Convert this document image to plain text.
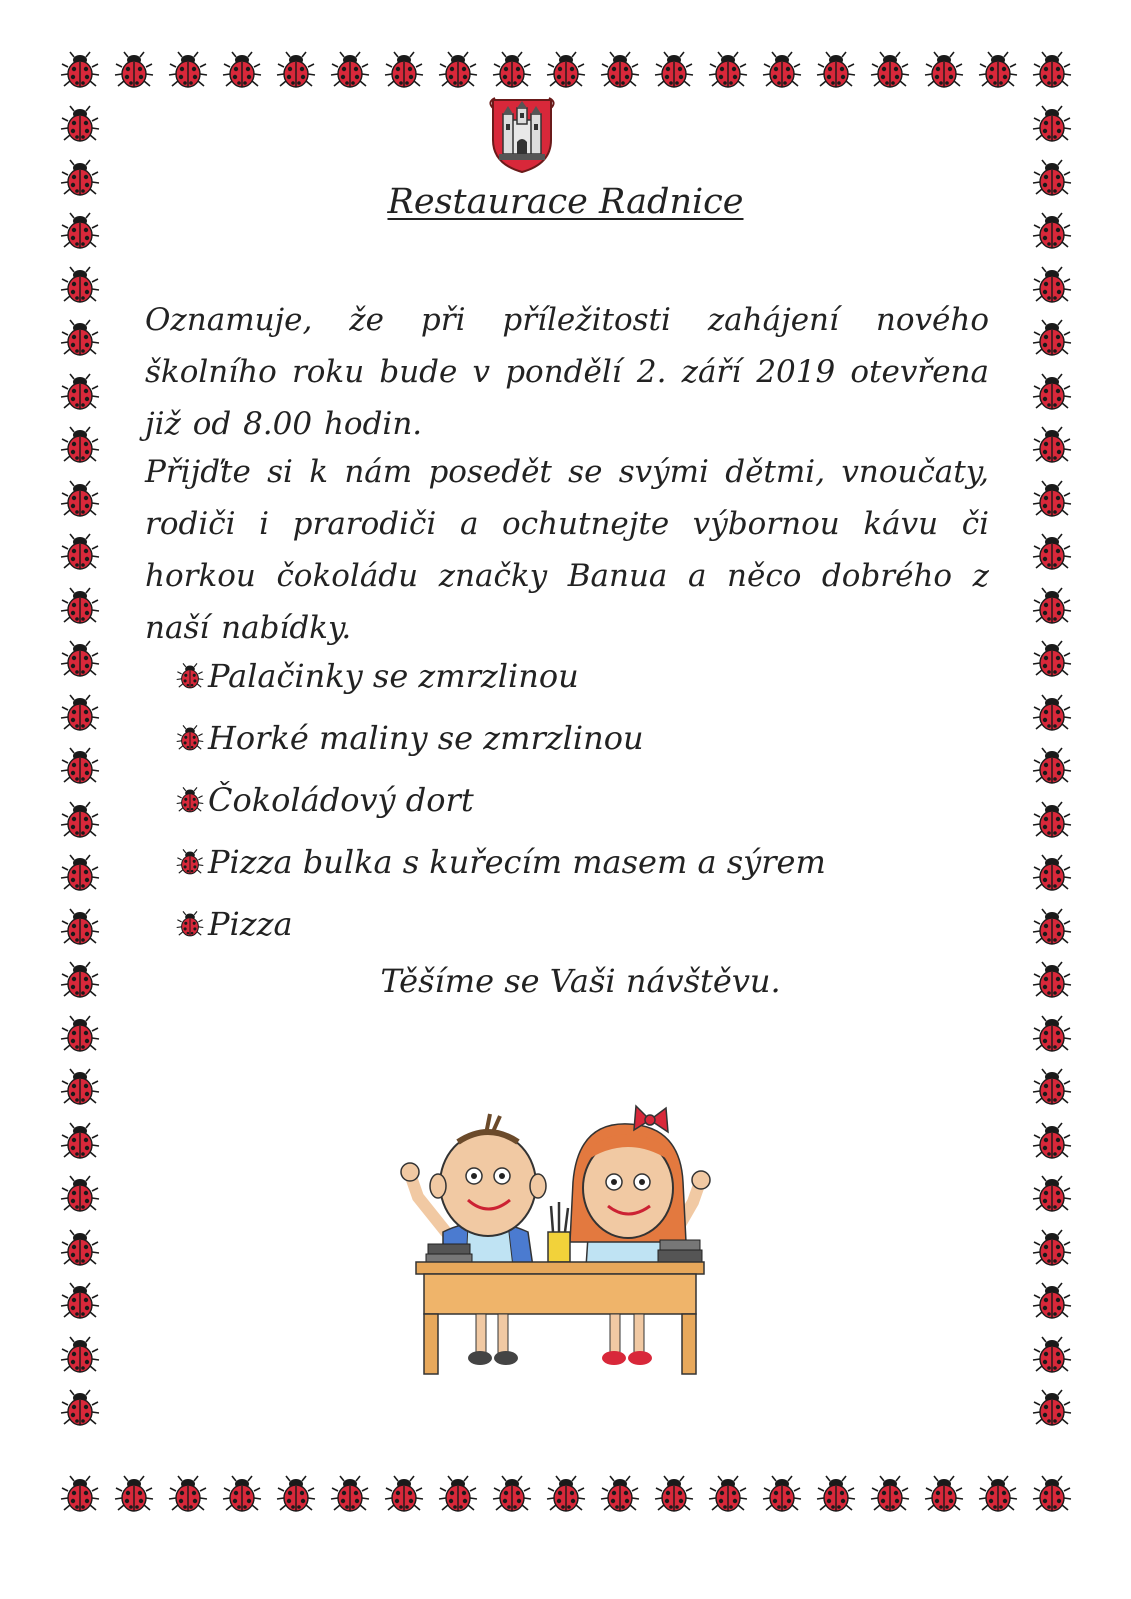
Restaurace Radnice

Oznamuje, že při příležitosti zahájení nového školního roku bude v pondělí 2. září 2019 otevřena již od 8.00 hodin.

Přijďte si k nám posedět se svými dětmi, vnoučaty, rodiči i prarodiči a ochutnejte výbornou kávu či horkou čokoládu značky Banua a něco dobrého z naší nabídky.

Palačinky se zmrzlinou
Horké maliny se zmrzlinou
Čokoládový dort
Pizza bulka s kuřecím masem a sýrem
Pizza
Těšíme se Vaši návštěvu.
